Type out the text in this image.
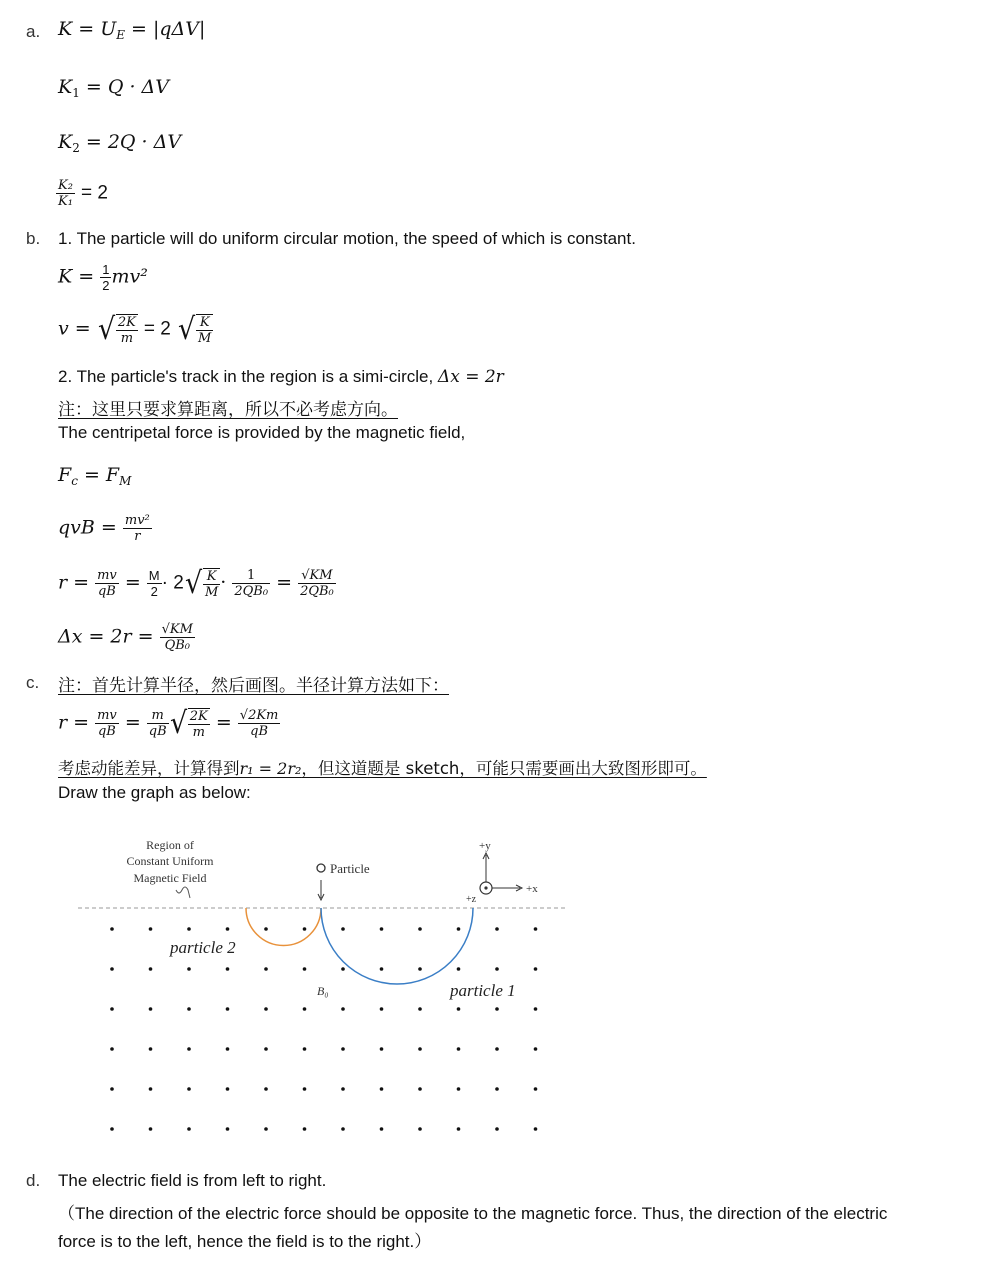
a. $K = U_E = |q\Delta V|$
$K_1 = Q \cdot \Delta V$
$K_2 = 2Q \cdot \Delta V$
$\frac{\text{K₂}}{\text{K₁}} = 2$
b. 1. The particle will do uniform circular motion, the speed of which is constant.
$K = \frac{1}{2} mv^2$
v = √ $\frac{2K}{m} = 2$ √ $\frac{K}{M}$
2. The particle's track in the region is a simi-circle, Δx = 2r
注：这里只要求算距离，所以不必考虑方向。
The centripetal force is provided by the magnetic field,
$F_c = F_M$
qvB = $\frac{\text{mv²}}{r}$
$r = \frac{mv}{qB} = \frac{M}{2} \cdot 2√ \frac{K}{M} \cdot \frac{1}{\text{2QB₀}} = \frac{√KM}{\text{2QB₀}}$
$\Delta x = 2r = \frac{√KM}{\text{QB₀}}$
c. 注：首先计算半径，然后画图。半径计算方法如下：
$r = \frac{mv}{qB} = \frac{m}{qB}$ √ $\frac{2K}{m} = \frac{√2Km}{qB}$
考虑动能差异，计算得到r₁ = 2r₂，但这道题是 sketch，可能只需要画出大致图形即可。
Draw the graph as below:
Region of
Constant Uniform
Magnetic Field
Particle
particle 2
particle 1
B₀
+y
+x
+z
d. The electric field is from left to right.
（The direction of the electric force should be opposite to the magnetic force. Thus, the direction of the electric
force is to the left, hence the field is to the right.）
